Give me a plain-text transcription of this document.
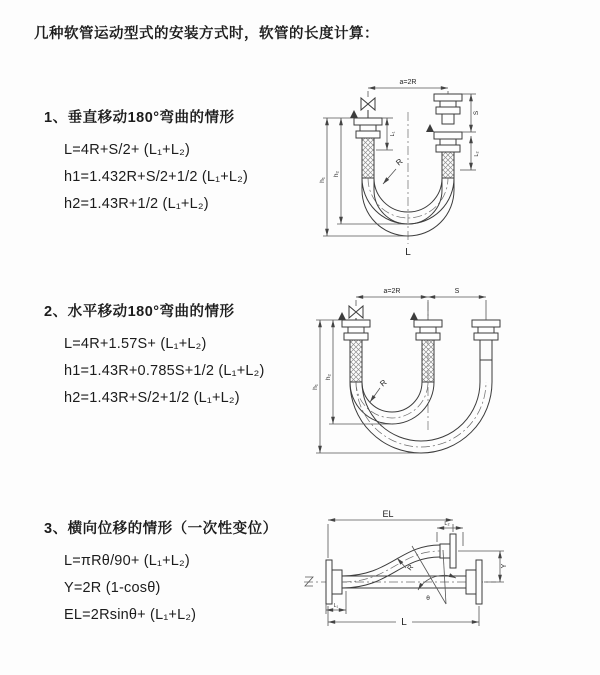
几种软管运动型式的安装方式时，软管的长度计算：
1、垂直移动180°弯曲的情形
L=4R+S/2+ (L₁+L₂)
h1=1.432R+S/2+1/2 (L₁+L₂)
h2=1.43R+1/2 (L₁+L₂)
2、水平移动180°弯曲的情形
L=4R+1.57S+ (L₁+L₂)
h1=1.43R+0.785S+1/2 (L₁+L₂)
h2=1.43R+S/2+1/2 (L₁+L₂)
3、横向位移的情形（一次性变位）
L=πRθ/90+ (L₁+L₂)
Y=2R (1-cosθ)
EL=2Rsinθ+ (L₁+L₂)
a=2R
h₁
h₂
L₁
S
L₂
R
L
a=2R	S
h₁
h₂
R
EL
L₂
Y
L
L₁
R
θ
